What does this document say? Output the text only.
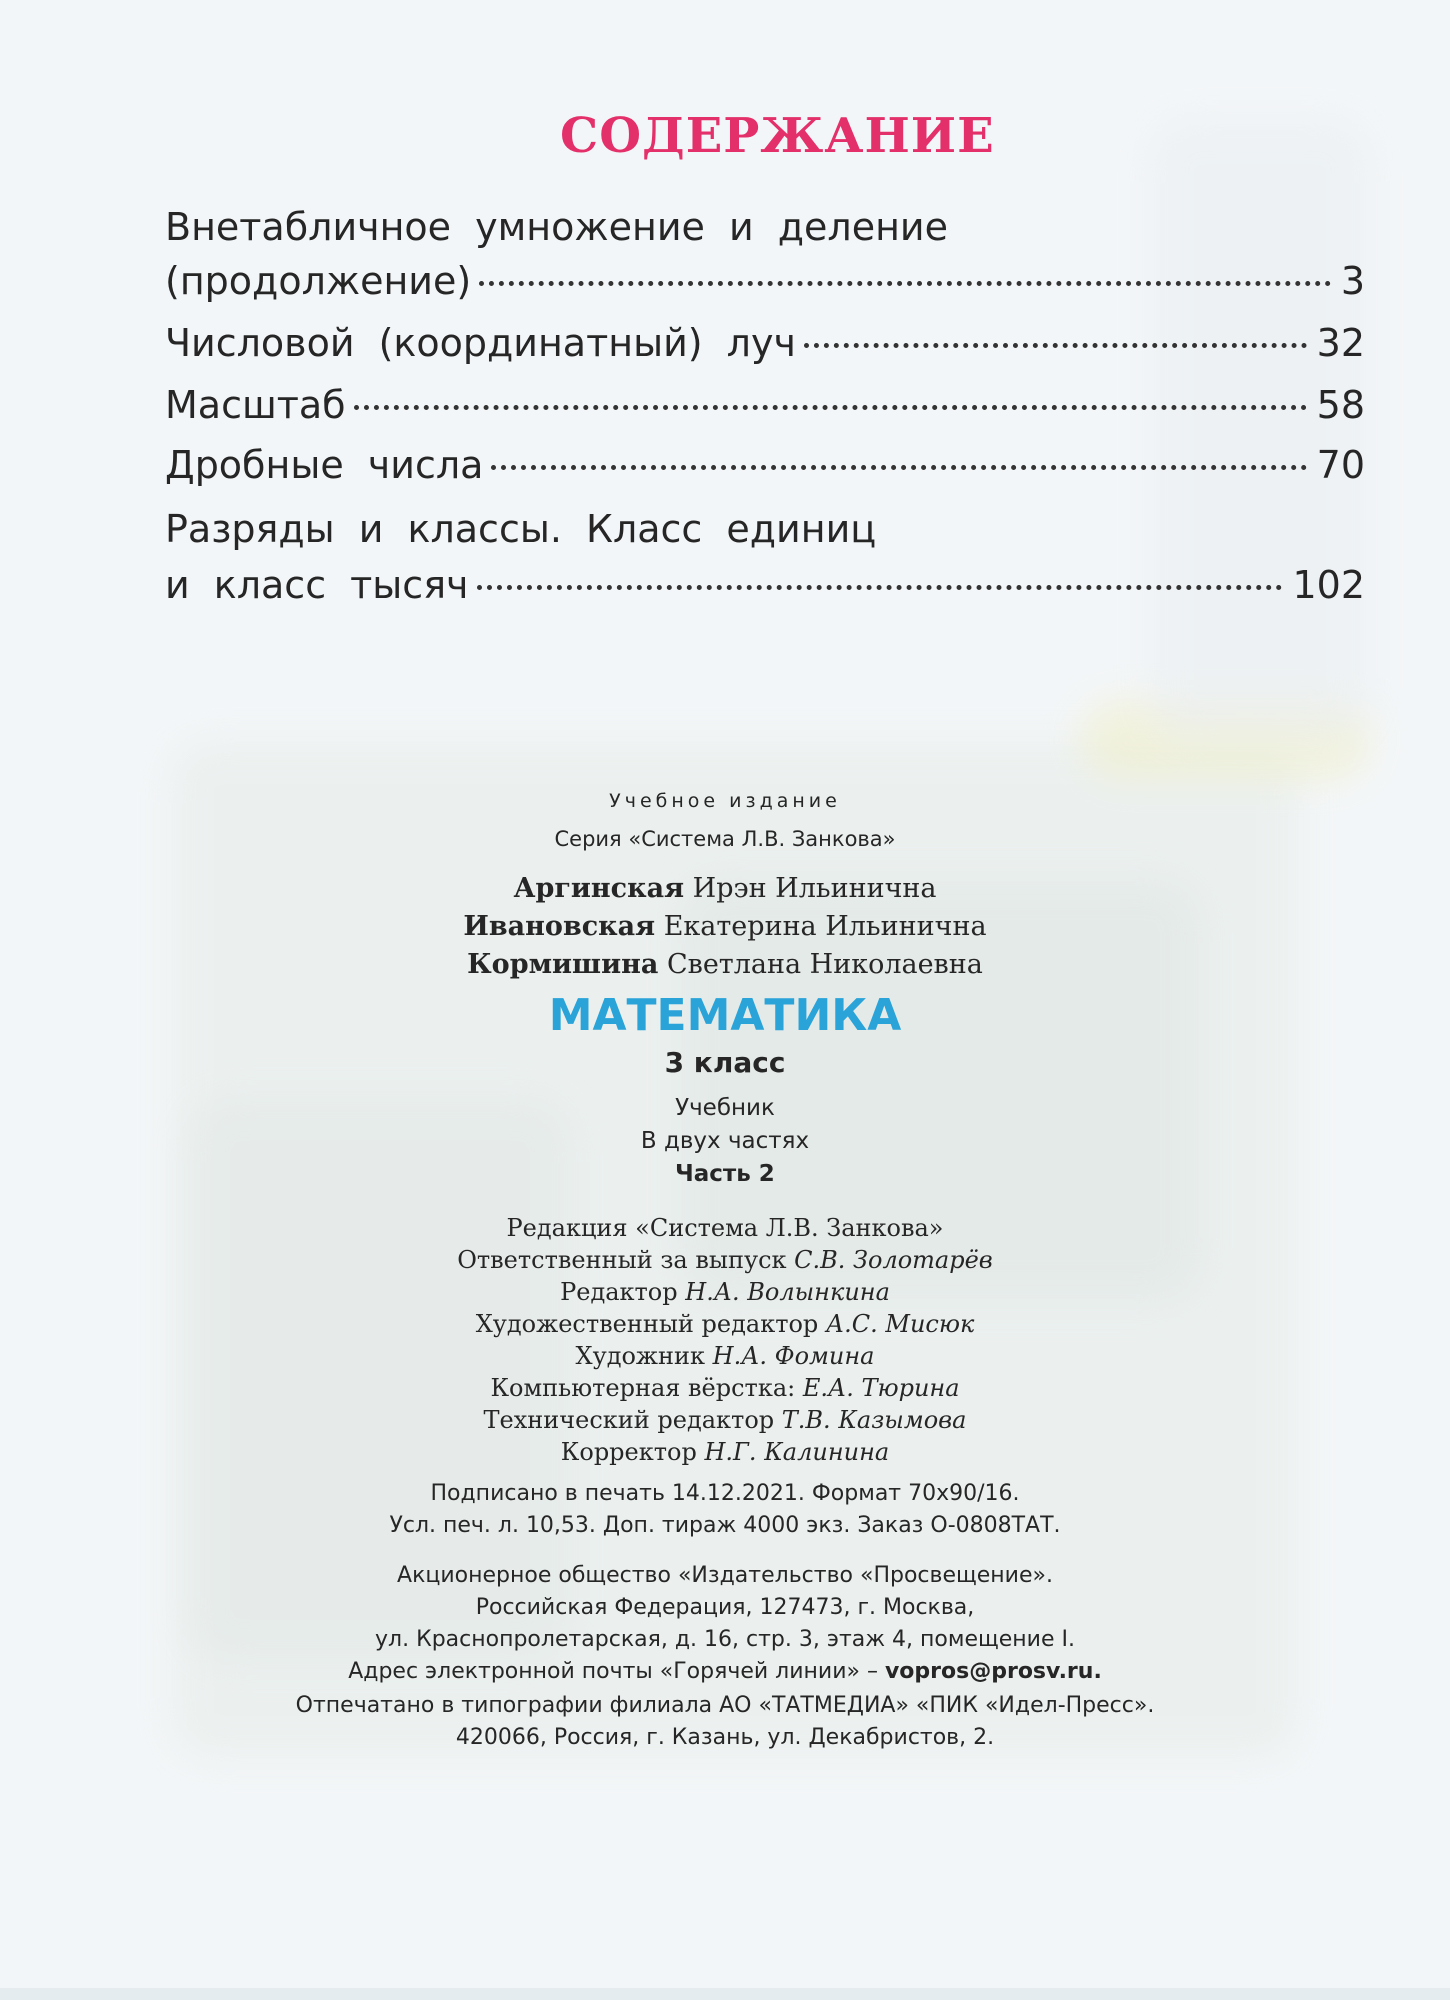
СОДЕРЖАНИЕ
Внетабличное умножение и деление
(продолжение)	3
Числовой (координатный) луч	32
Масштаб	58
Дробные числа	70
Разряды и классы. Класс единиц
и класс тысяч	102
Учебное издание
Серия «Система Л.В. Занкова»
Аргинская Ирэн Ильинична
Ивановская Екатерина Ильинична
Кормишина Светлана Николаевна
МАТЕМАТИКА
3 класс
Учебник
В двух частях
Часть 2
Редакция «Система Л.В. Занкова»
Ответственный за выпуск С.В. Золотарёв
Редактор Н.А. Волынкина
Художественный редактор А.С. Мисюк
Художник Н.А. Фомина
Компьютерная вёрстка: Е.А. Тюрина
Технический редактор Т.В. Казымова
Корректор Н.Г. Калинина
Подписано в печать 14.12.2021. Формат 70x90/16.
Усл. печ. л. 10,53. Доп. тираж 4000 экз. Заказ О-0808ТАТ.
Акционерное общество «Издательство «Просвещение».
Российская Федерация, 127473, г. Москва,
ул. Краснопролетарская, д. 16, стр. 3, этаж 4, помещение I.
Адрес электронной почты «Горячей линии» – vopros@prosv.ru.
Отпечатано в типографии филиала АО «ТАТМЕДИА» «ПИК «Идел-Пресс».
420066, Россия, г. Казань, ул. Декабристов, 2.
